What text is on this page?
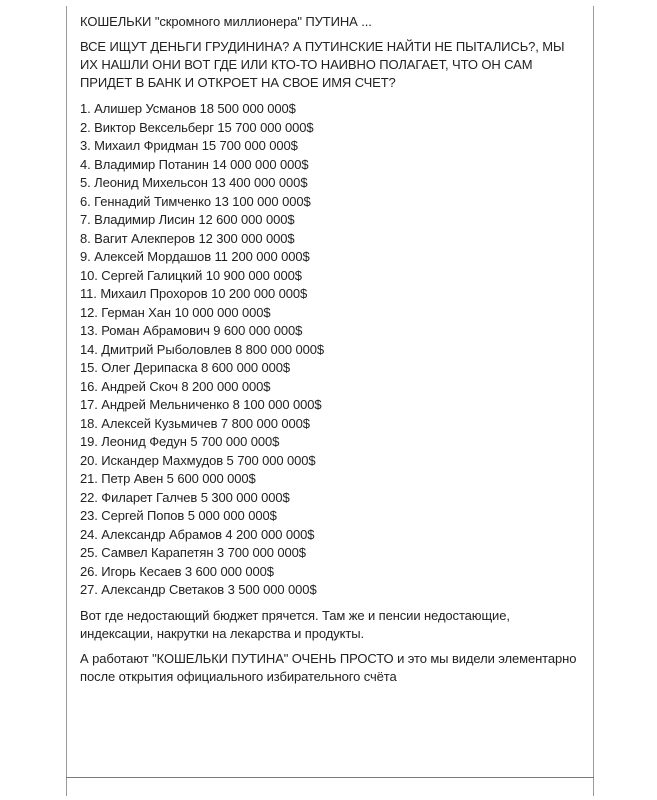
КОШЕЛЬКИ "скромного миллионера" ПУТИНА ...

ВСЕ ИЩУТ ДЕНЬГИ ГРУДИНИНА? А ПУТИНСКИЕ НАЙТИ НЕ ПЫТАЛИСЬ?, МЫ ИХ НАШЛИ ОНИ ВОТ ГДЕ ИЛИ КТО-ТО НАИВНО ПОЛАГАЕТ, ЧТО ОН САМ ПРИДЕТ В БАНК И ОТКРОЕТ НА СВОЕ ИМЯ СЧЕТ?

1. Алишер Усманов 18 500 000 000$
2. Виктор Вексельберг 15 700 000 000$
3. Михаил Фридман 15 700 000 000$
4. Владимир Потанин 14 000 000 000$
5. Леонид Михельсон 13 400 000 000$
6. Геннадий Тимченко 13 100 000 000$
7. Владимир Лисин 12 600 000 000$
8. Вагит Алекперов 12 300 000 000$
9. Алексей Мордашов 11 200 000 000$
10. Сергей Галицкий 10 900 000 000$
11. Михаил Прохоров 10 200 000 000$
12. Герман Хан 10 000 000 000$
13. Роман Абрамович 9 600 000 000$
14. Дмитрий Рыболовлев 8 800 000 000$
15. Олег Дерипаска 8 600 000 000$
16. Андрей Скоч 8 200 000 000$
17. Андрей Мельниченко 8 100 000 000$
18. Алексей Кузьмичев 7 800 000 000$
19. Леонид Федун 5 700 000 000$
20. Искандер Махмудов 5 700 000 000$
21. Петр Авен 5 600 000 000$
22. Филарет Галчев 5 300 000 000$
23. Сергей Попов 5 000 000 000$
24. Александр Абрамов 4 200 000 000$
25. Самвел Карапетян 3 700 000 000$
26. Игорь Кесаев 3 600 000 000$
27. Александр Светаков 3 500 000 000$

Вот где недостающий бюджет прячется. Там же и пенсии недостающие, индексации, накрутки на лекарства и продукты.

А работают "КОШЕЛЬКИ ПУТИНА" ОЧЕНЬ ПРОСТО и это мы видели элементарно после открытия официального избирательного счёта
